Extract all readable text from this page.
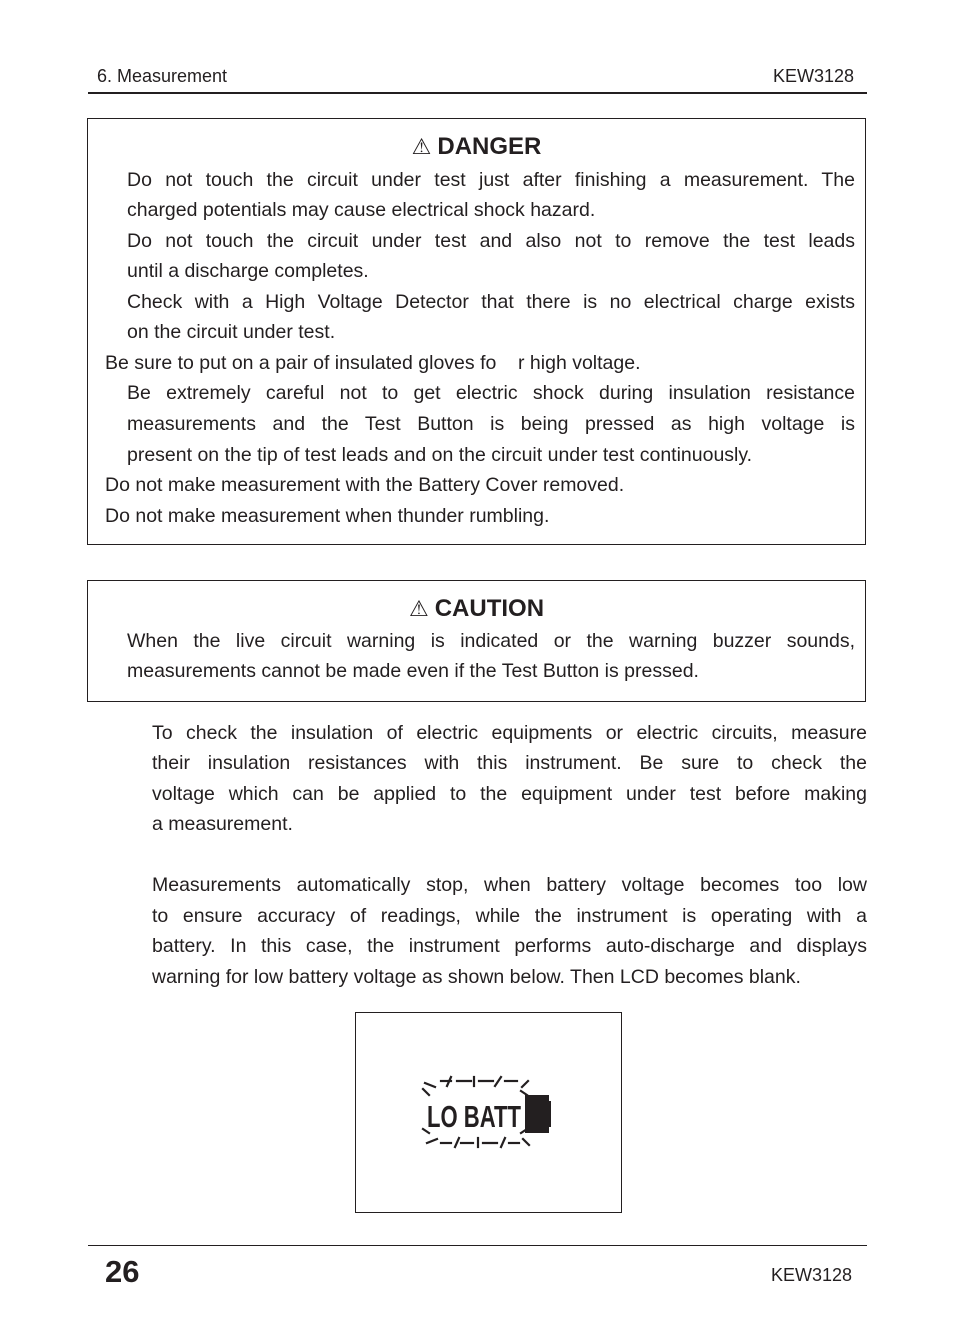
6. Measurement	KEW3128
⚠ DANGER
Do not touch the circuit under test just after finishing a measurement. The
charged potentials may cause electrical shock hazard.
Do not touch the circuit under test and also not to remove the test leads
until a discharge completes.
Check with a High Voltage Detector that there is no electrical charge exists
on the circuit under test.
Be sure to put on a pair of insulated gloves fo    r high voltage.
Be extremely careful not to get electric shock during insulation resistance
measurements and the Test Button is being pressed as high voltage is
present on the tip of test leads and on the circuit under test continuously.
Do not make measurement with the Battery Cover removed.
Do not make measurement when thunder rumbling.
⚠ CAUTION
When the live circuit warning is indicated or the warning buzzer sounds,
measurements cannot be made even if the Test Button is pressed.
To check the insulation of electric equipments or electric circuits, measure
their insulation resistances with this instrument. Be sure to check the
voltage which can be applied to the equipment under test before making
a measurement.
Measurements automatically stop, when battery voltage becomes too low
to ensure accuracy of readings, while the instrument is operating with a
battery. In this case, the instrument performs auto-discharge and displays
warning for low battery voltage as shown below. Then LCD becomes blank.
LO BATT
26	KEW3128
